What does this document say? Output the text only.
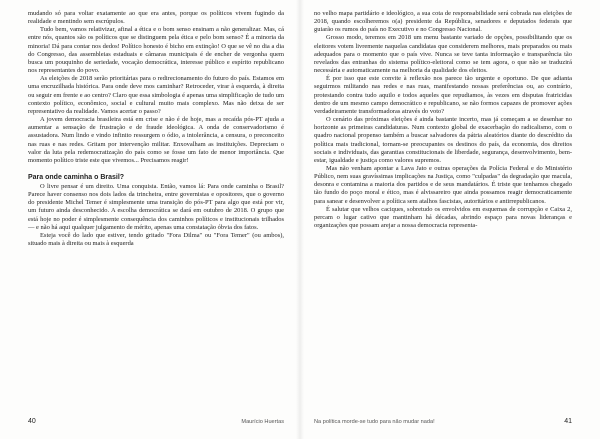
mudando só para voltar exatamente ao que era antes, porque os políticos vivem fugindo da realidade e mentindo sem escrúpulos.

Tudo bem, vamos relativizar, afinal a ética e o bom senso ensinam a não generalizar. Mas, cá entre nós, quantos são os políticos que se distinguem pela ética e pelo bom senso? É a minoria da minoria! Dá para contar nos dedos! Político honesto é bicho em extinção! O que se vê no dia a dia do Congresso, das assembleias estaduais e câmaras municipais é de encher de vergonha quem busca um pouquinho de seriedade, vocação democrática, interesse público e espírito republicano nos representantes do povo.

As eleições de 2018 serão prioritárias para o redirecionamento do futuro do país. Estamos em uma encruzilhada histórica. Para onde deve mos caminhar? Retroceder, virar à esquerda, à direita ou seguir em frente e ao centro? Claro que essa simbologia é apenas uma simplificação de tudo um contexto político, econômico, social e cultural muito mais complexo. Mas não deixa de ser representativo da realidade. Vamos acertar o passo?

A jovem democracia brasileira está em crise e não é de hoje, mas a recaída pós-PT ajuda a aumentar a sensação de frustração e de fraude ideológica. A onda de conservadorismo é assustadora. Num lindo e vindo infinito ressurgem o ódio, a intolerância, a censura, o preconceito nas ruas e nas redes. Gritam por intervenção militar. Enxovalham as instituições. Depreciam o valor da luta pela redemocratização do país como se fosse um fato de menor importância. Que momento político triste este que vivemos... Precisamos reagir!

Para onde caminha o Brasil?

O livre pensar é um direito. Uma conquista. Então, vamos lá: Para onde caminha o Brasil? Parece haver consenso nos dois lados da trincheira, entre governistas e opositores, que o governo do presidente Michel Temer é simplesmente uma transição do pós-PT para algo que está por vir, um futuro ainda desconhecido. A escolha democrática se dará em outubro de 2018. O grupo que está hoje no poder é simplesmente consequência dos caminhos políticos e institucionais trilhados — e não há aqui qualquer julgamento de mérito, apenas uma constatação óbvia dos fatos.

Esteja você do lado que estiver, tendo gritado "Fora Dilma" ou "Fora Temer" (ou ambos), situado mais à direita ou mais à esquerda

40	Maurício Huertas

no velho mapa partidário e ideológico, a sua cota de responsabilidade será cobrada nas eleições de 2018, quando escolheremos o(a) presidente da República, senadores e deputados federais que guiarão os rumos do país no Executivo e no Congresso Nacional.

Grosso modo, teremos em 2018 um menu bastante variado de opções, possibilitando que os eleitores votem livremente naquelas candidatas que considerem melhores, mais preparados ou mais adequados para o momento que o país vive. Nunca se teve tanta informação e transparência tão revelados das entranhas do sistema político-eleitoral como se tem agora, o que não se traduzirá necessária e automaticamente na melhoria da qualidade dos eleitos.

É por isso que este convite à reflexão nos parece tão urgente e oportuno. De que adianta seguirmos militando nas redes e nas ruas, manifestando nossas preferências ou, ao contrário, protestando contra tudo aquilo e todos aqueles que repudiamos, às vezes em disputas fratricidas dentro de um mesmo campo democrático e republicano, se não formos capazes de promover ações verdadeiramente transformadoras através do voto?

O cenário das próximas eleições é ainda bastante incerto, mas já começam a se desenhar no horizonte as primeiras candidaturas. Num contexto global de exacerbação do radicalismo, com o quadro nacional propenso também a buscar salvadores da pátria aleatórios diante do descrédito da política mais tradicional, tornam-se preocupantes os destinos do país, da economia, dos direitos sociais e individuais, das garantias constitucionais de liberdade, segurança, desenvolvimento, bem-estar, igualdade e justiça como valores supremos.

Mas não venham apontar a Lava Jato e outras operações da Polícia Federal e do Ministério Público, nem suas gravíssimas implicações na Justiça, como "culpadas" da degradação que macula, desonra e contamina a maioria dos partidos e de seus mandatários. É triste que tenhamos chegado tão fundo do poço moral e ético, mas é alvissareiro que ainda possamos reagir democraticamente para sanear e desenvolver a política sem atalhos fascistas, autoritários e antirrepublicanos.

É salutar que velhos caciques, sobretudo os envolvidos em esquemas de corrupção e Caixa 2, percam o lugar cativo que mantinham há décadas, abrindo espaço para novas lideranças e organizações que possam arejar a nossa democracia representa-

Na política morde-se tudo para não mudar nada!	41
